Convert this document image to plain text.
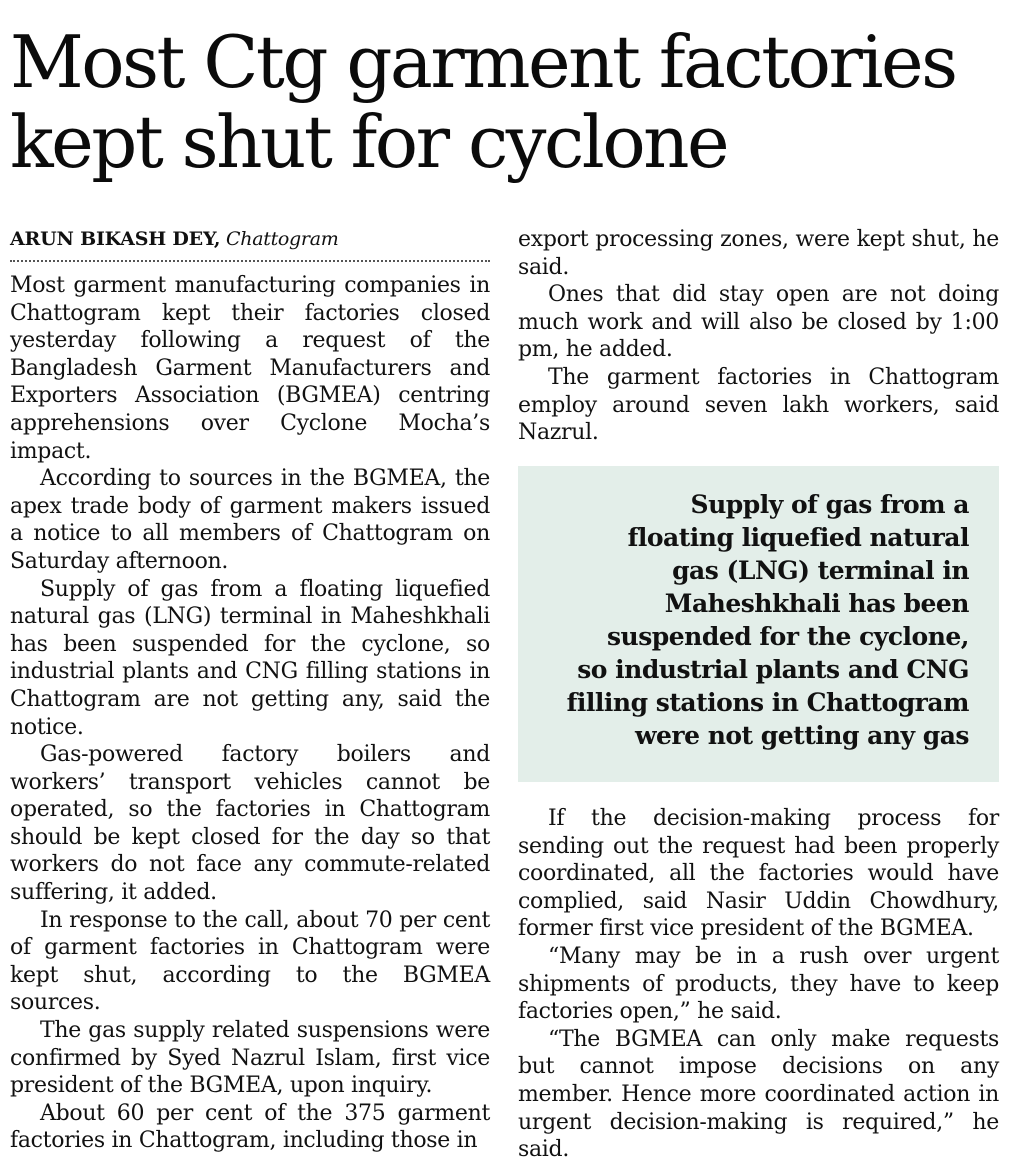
Most Ctg garment factories
kept shut for cyclone
ARUN BIKASH DEY, Chattogram

Most garment manufacturing companies in Chattogram kept their factories closed yesterday following a request of the Bangladesh Garment Manufacturers and Exporters Association (BGMEA) centring apprehensions over Cyclone Mocha’s impact.

According to sources in the BGMEA, the apex trade body of garment makers issued a notice to all members of Chattogram on Saturday afternoon.

Supply of gas from a floating liquefied natural gas (LNG) terminal in Maheshkhali has been suspended for the cyclone, so industrial plants and CNG filling stations in Chattogram are not getting any, said the notice.

Gas-powered factory boilers and workers’ transport vehicles cannot be operated, so the factories in Chattogram should be kept closed for the day so that workers do not face any commute-related suffering, it added.

In response to the call, about 70 per cent of garment factories in Chattogram were kept shut, according to the BGMEA sources.

The gas supply related suspensions were confirmed by Syed Nazrul Islam, first vice president of the BGMEA, upon inquiry.

About 60 per cent of the 375 garment factories in Chattogram, including those in

export processing zones, were kept shut, he said.

Ones that did stay open are not doing much work and will also be closed by 1:00 pm, he added.

The garment factories in Chattogram employ around seven lakh workers, said Nazrul.

Supply of gas from a
floating liquefied natural
gas (LNG) terminal in
Maheshkhali has been
suspended for the cyclone,
so industrial plants and CNG
filling stations in Chattogram
were not getting any gas

If the decision-making process for sending out the request had been properly coordinated, all the factories would have complied, said Nasir Uddin Chowdhury, former first vice president of the BGMEA.

“Many may be in a rush over urgent shipments of products, they have to keep factories open,” he said.

“The BGMEA can only make requests but cannot impose decisions on any member. Hence more coordinated action in urgent decision-making is required,” he said.
